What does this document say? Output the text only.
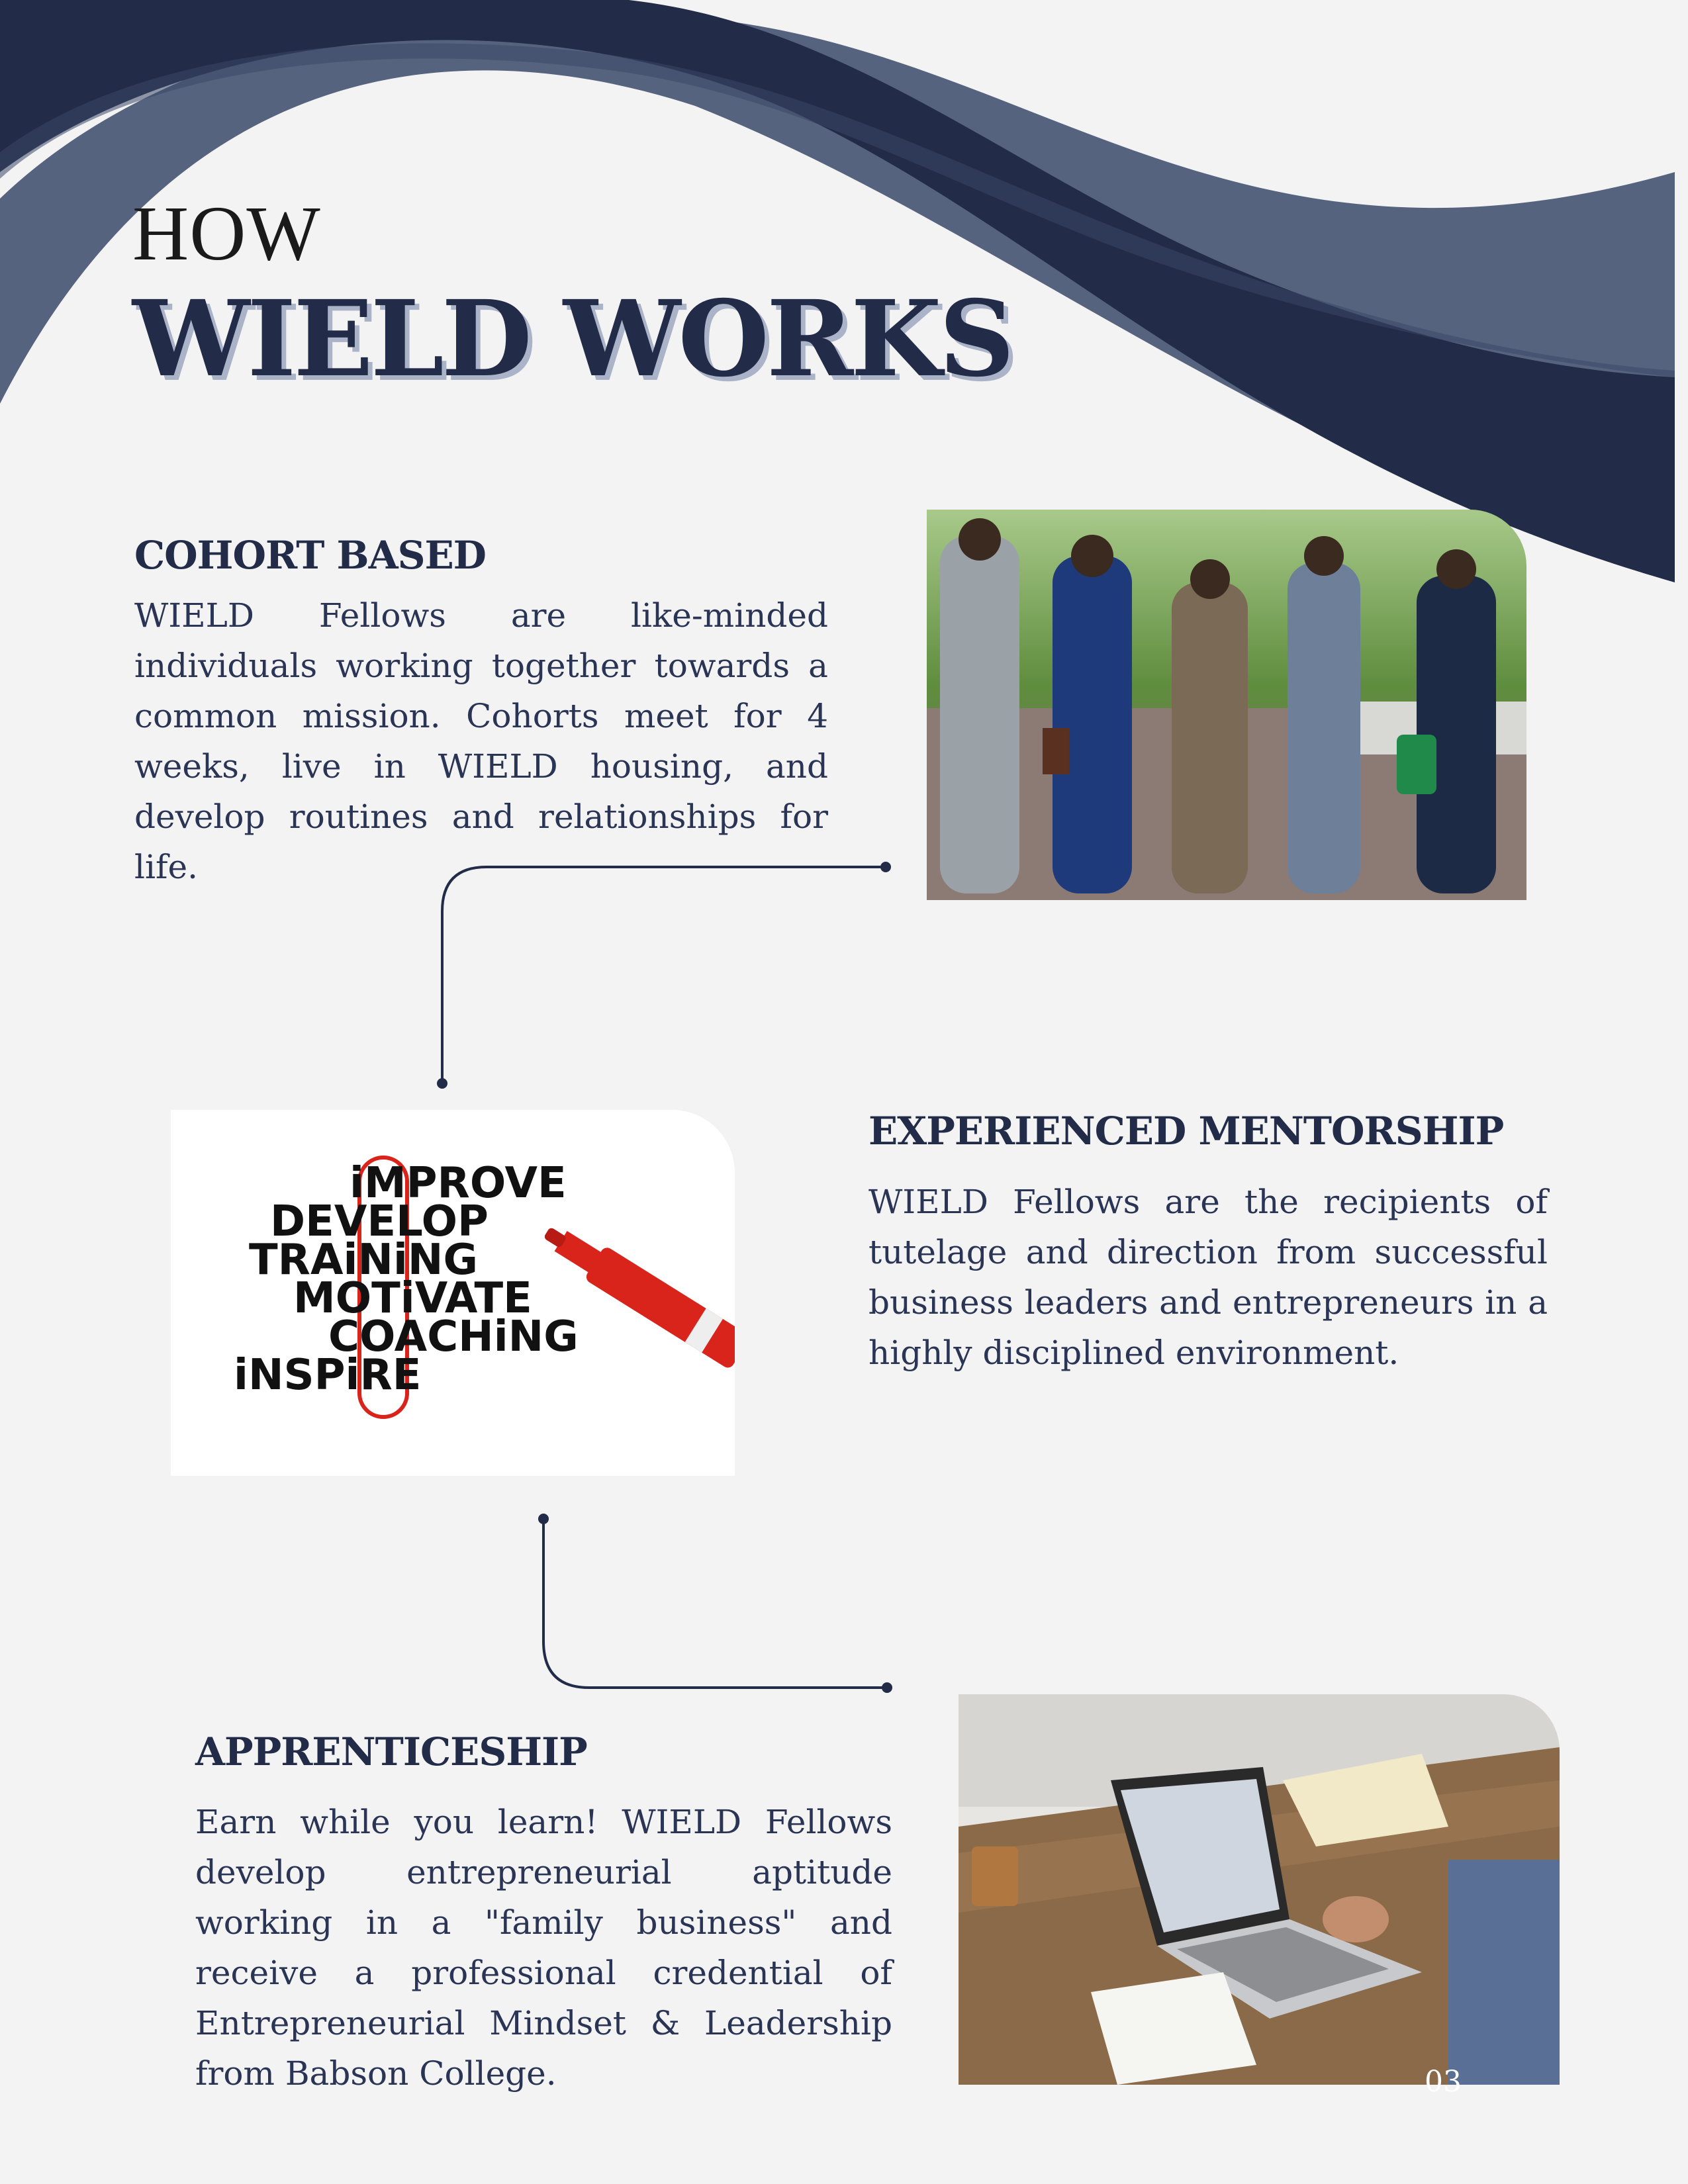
HOW
WIELD WORKS
COHORT BASED
WIELD Fellows are like-minded individuals working together towards a common mission. Cohorts meet for 4 weeks, live in WIELD housing, and develop routines and relationships for life.
iMPROVE
DEVELOP
TRAiNiNG
MOTiVATE
COACHiNG
iNSPiRE
EXPERIENCED MENTORSHIP
WIELD Fellows are the recipients of tutelage and direction from successful business leaders and entrepreneurs in a highly disciplined environment.
APPRENTICESHIP
Earn while you learn! WIELD Fellows develop entrepreneurial aptitude working in a "family business" and receive a professional credential of Entrepreneurial Mindset & Leadership from Babson College.	03
